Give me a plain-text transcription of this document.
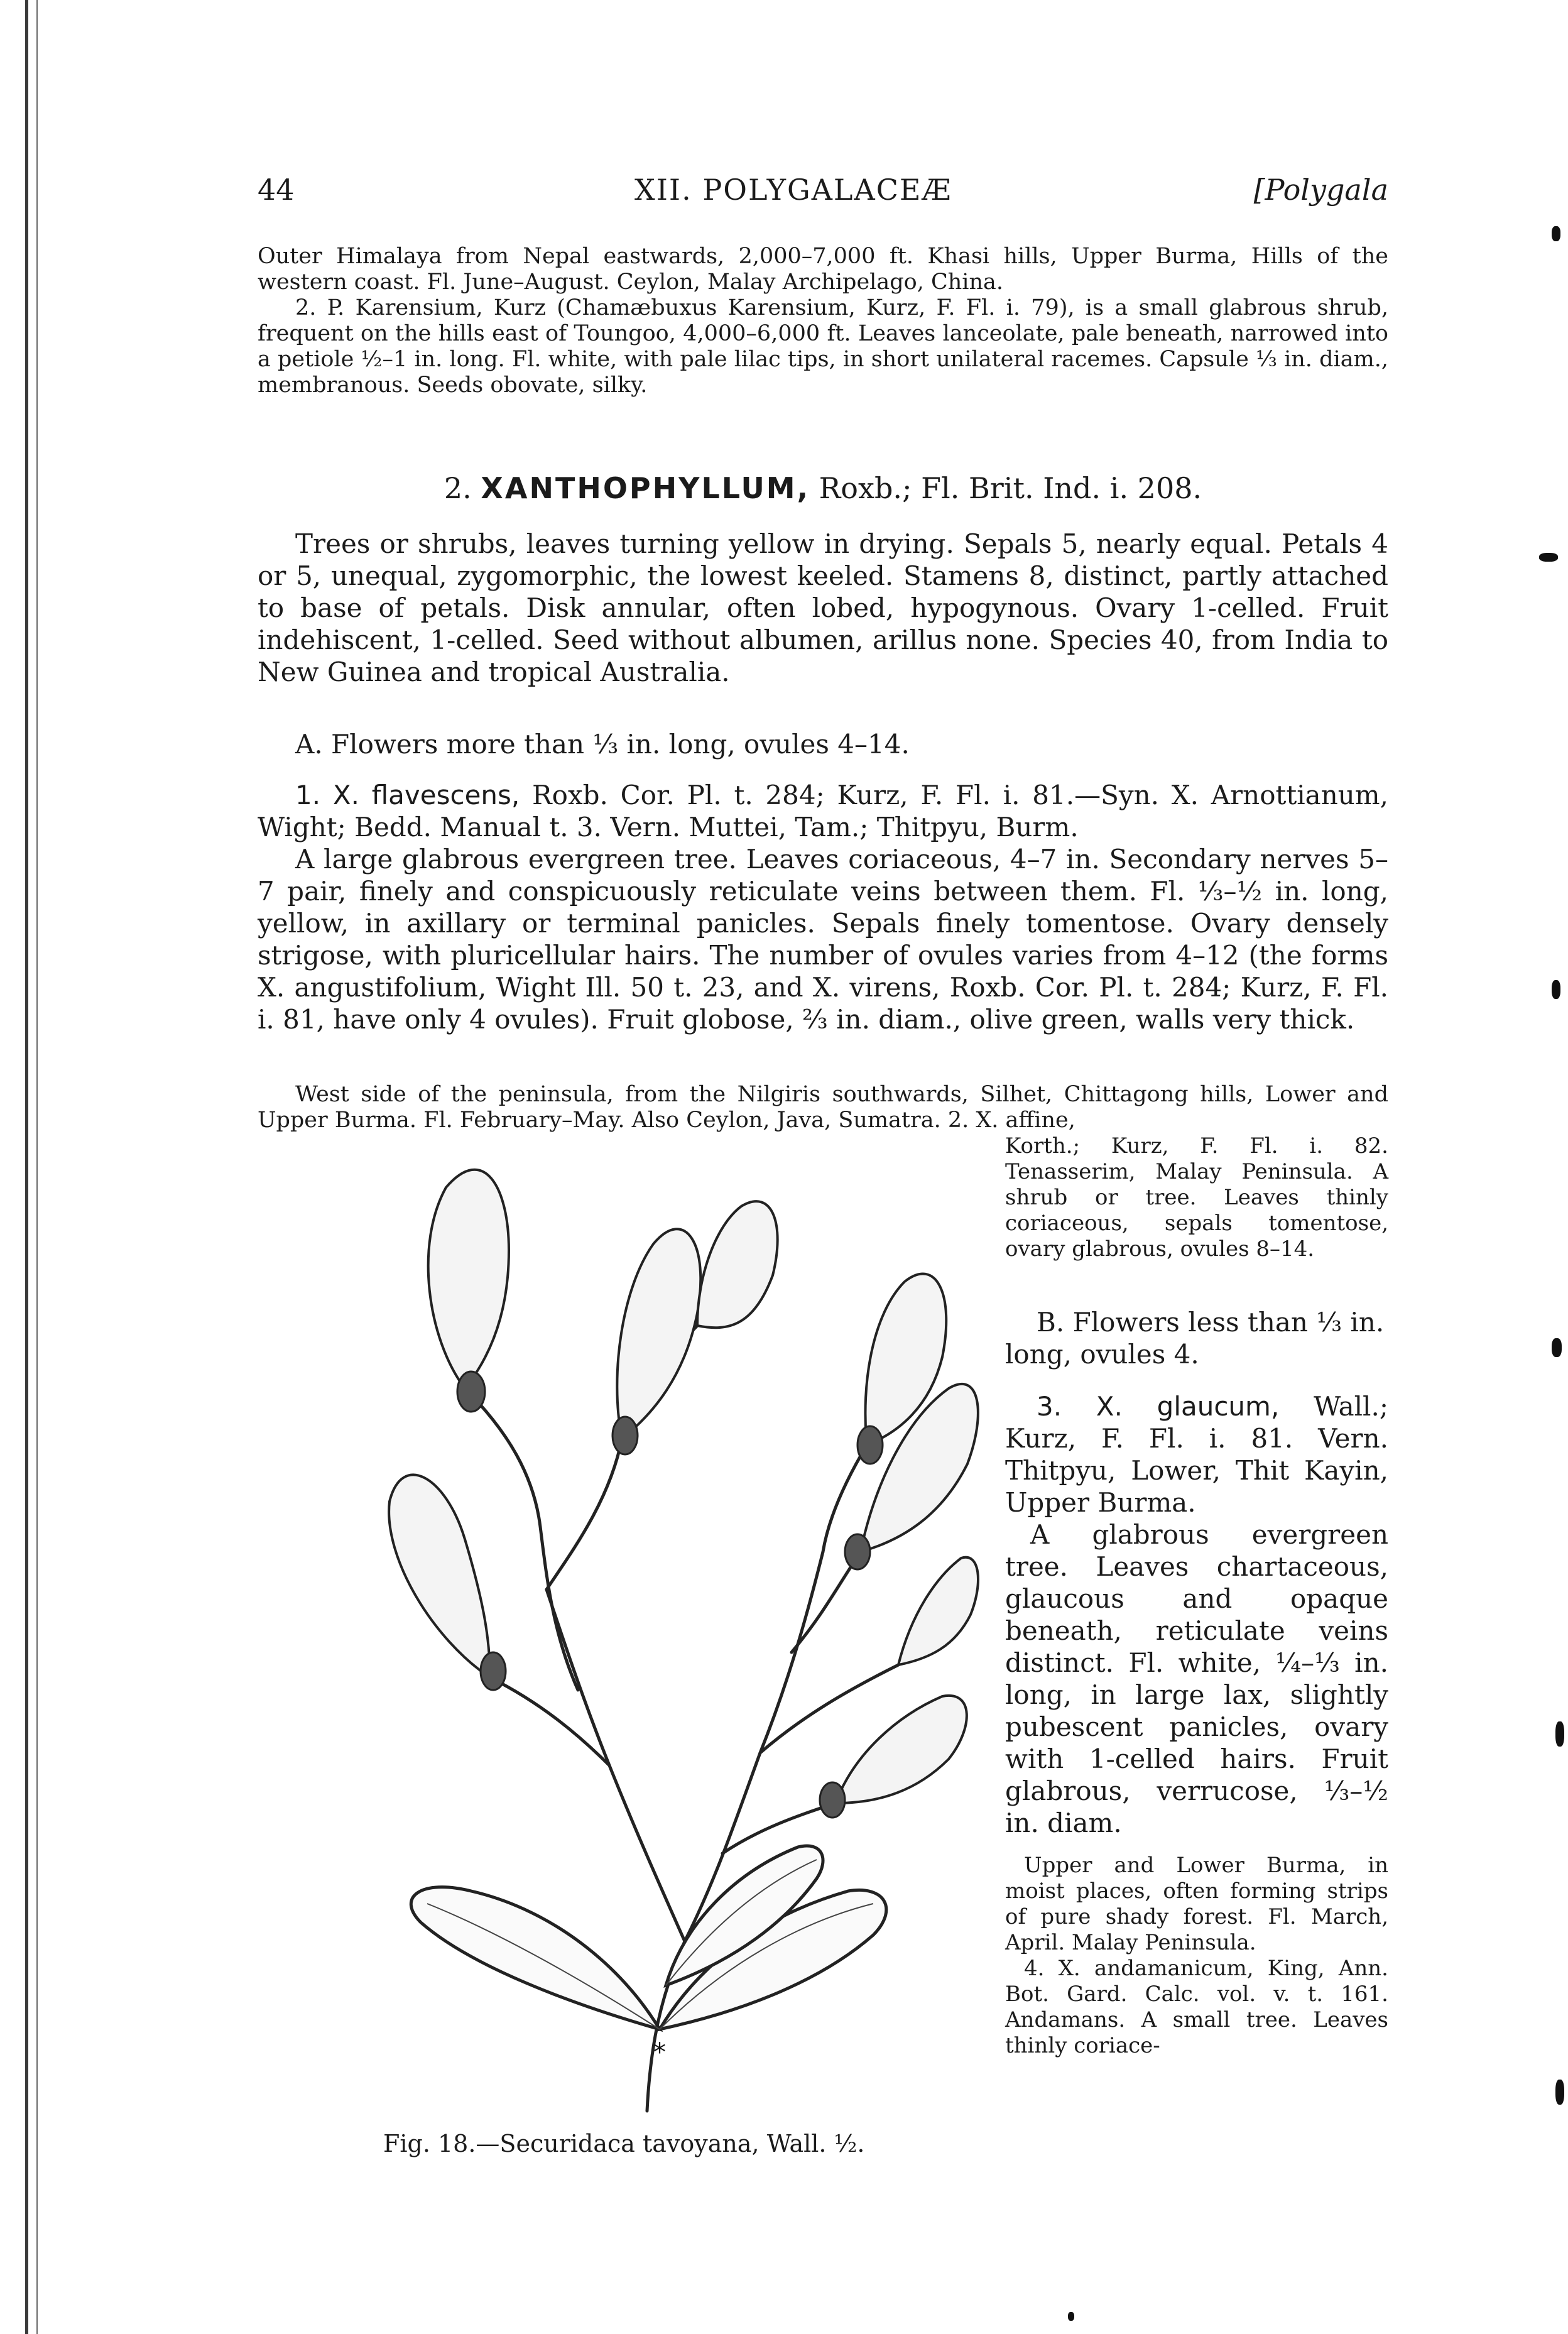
44	XII. POLYGALACEÆ	[Polygala

Outer Himalaya from Nepal eastwards, 2,000–7,000 ft. Khasi hills, Upper Burma, Hills of the western coast. Fl. June–August. Ceylon, Malay Archipelago, China.

2. P. Karensium, Kurz (Chamæbuxus Karensium, Kurz, F. Fl. i. 79), is a small glabrous shrub, frequent on the hills east of Toungoo, 4,000–6,000 ft. Leaves lanceolate, pale beneath, narrowed into a petiole ½–1 in. long. Fl. white, with pale lilac tips, in short unilateral racemes. Capsule ⅓ in. diam., membranous. Seeds obovate, silky.

2. XANTHOPHYLLUM, Roxb.; Fl. Brit. Ind. i. 208.

Trees or shrubs, leaves turning yellow in drying. Sepals 5, nearly equal. Petals 4 or 5, unequal, zygomorphic, the lowest keeled. Stamens 8, distinct, partly attached to base of petals. Disk annular, often lobed, hypogynous. Ovary 1-celled. Fruit indehiscent, 1-celled. Seed without albumen, arillus none. Species 40, from India to New Guinea and tropical Australia.

A. Flowers more than ⅓ in. long, ovules 4–14.
1. X. flavescens, Roxb. Cor. Pl. t. 284; Kurz, F. Fl. i. 81.—Syn. X. Arnottianum, Wight; Bedd. Manual t. 3. Vern. Muttei, Tam.; Thitpyu, Burm.

A large glabrous evergreen tree. Leaves coriaceous, 4–7 in. Secondary nerves 5–7 pair, finely and conspicuously reticulate veins between them. Fl. ⅓–½ in. long, yellow, in axillary or terminal panicles. Sepals finely tomentose. Ovary densely strigose, with pluricellular hairs. The number of ovules varies from 4–12 (the forms X. angustifolium, Wight Ill. 50 t. 23, and X. virens, Roxb. Cor. Pl. t. 284; Kurz, F. Fl. i. 81, have only 4 ovules). Fruit globose, ⅔ in. diam., olive green, walls very thick.

West side of the peninsula, from the Nilgiris southwards, Silhet, Chittagong hills, Lower and Upper Burma. Fl. February–May. Also Ceylon, Java, Sumatra. 2. X. affine,

Korth.; Kurz, F. Fl. i. 82. Tenasserim, Malay Peninsula. A shrub or tree. Leaves thinly coriaceous, sepals tomentose, ovary glabrous, ovules 8–14.

B. Flowers less than ⅓ in. long, ovules 4.

3. X. glaucum, Wall.; Kurz, F. Fl. i. 81. Vern. Thitpyu, Lower, Thit Kayin, Upper Burma.

A glabrous evergreen tree. Leaves chartaceous, glaucous and opaque beneath, reticulate veins distinct. Fl. white, ¼–⅓ in. long, in large lax, slightly pubescent panicles, ovary with 1-celled hairs. Fruit glabrous, verrucose, ⅓–½ in. diam.

Upper and Lower Burma, in moist places, often forming strips of pure shady forest. Fl. March, April. Malay Peninsula.

4. X. andamanicum, King, Ann. Bot. Gard. Calc. vol. v. t. 161. Andamans. A small tree. Leaves thinly coriace-

*
Fig. 18.—Securidaca tavoyana, Wall. ½.
